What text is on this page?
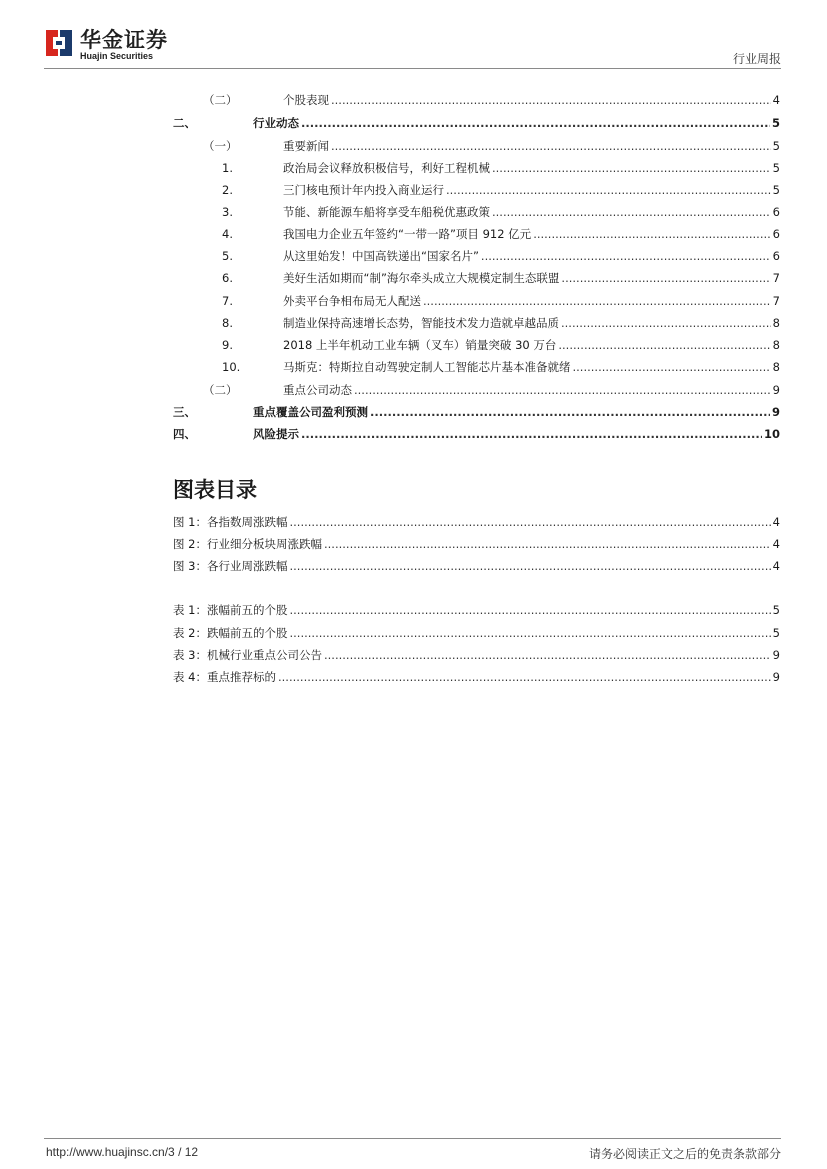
华金证券
Huajin Securities	行业周报
（二）	个股表现 .....	4
二、	行业动态 .....	5
（一）	重要新闻 .....	5
1.	政治局会议释放积极信号，利好工程机械 .....	5
2.	三门核电预计年内投入商业运行 .....	5
3.	节能、新能源车船将享受车船税优惠政策 .....	6
4.	我国电力企业五年签约“一带一路”项目 912 亿元 .....	6
5.	从这里始发！中国高铁递出“国家名片” .....	6
6.	美好生活如期而“制”海尔牵头成立大规模定制生态联盟 .....	7
7.	外卖平台争相布局无人配送 .....	7
8.	制造业保持高速增长态势，智能技术发力造就卓越品质 .....	8
9.	2018 上半年机动工业车辆（叉车）销量突破 30 万台 .....	8
10.	马斯克：特斯拉自动驾驶定制人工智能芯片基本准备就绪 .....	8
（二）	重点公司动态 .....	9
三、	重点覆盖公司盈利预测 .....	9
四、	风险提示 .....	10
图表目录
图 1：各指数周涨跌幅 .....	4
图 2：行业细分板块周涨跌幅 .....	4
图 3：各行业周涨跌幅 .....	4
表 1：涨幅前五的个股 .....	5
表 2：跌幅前五的个股 .....	5
表 3：机械行业重点公司公告 .....	9
表 4：重点推荐标的 .....	9
http://www.huajinsc.cn/3 / 12	请务必阅读正文之后的免责条款部分
